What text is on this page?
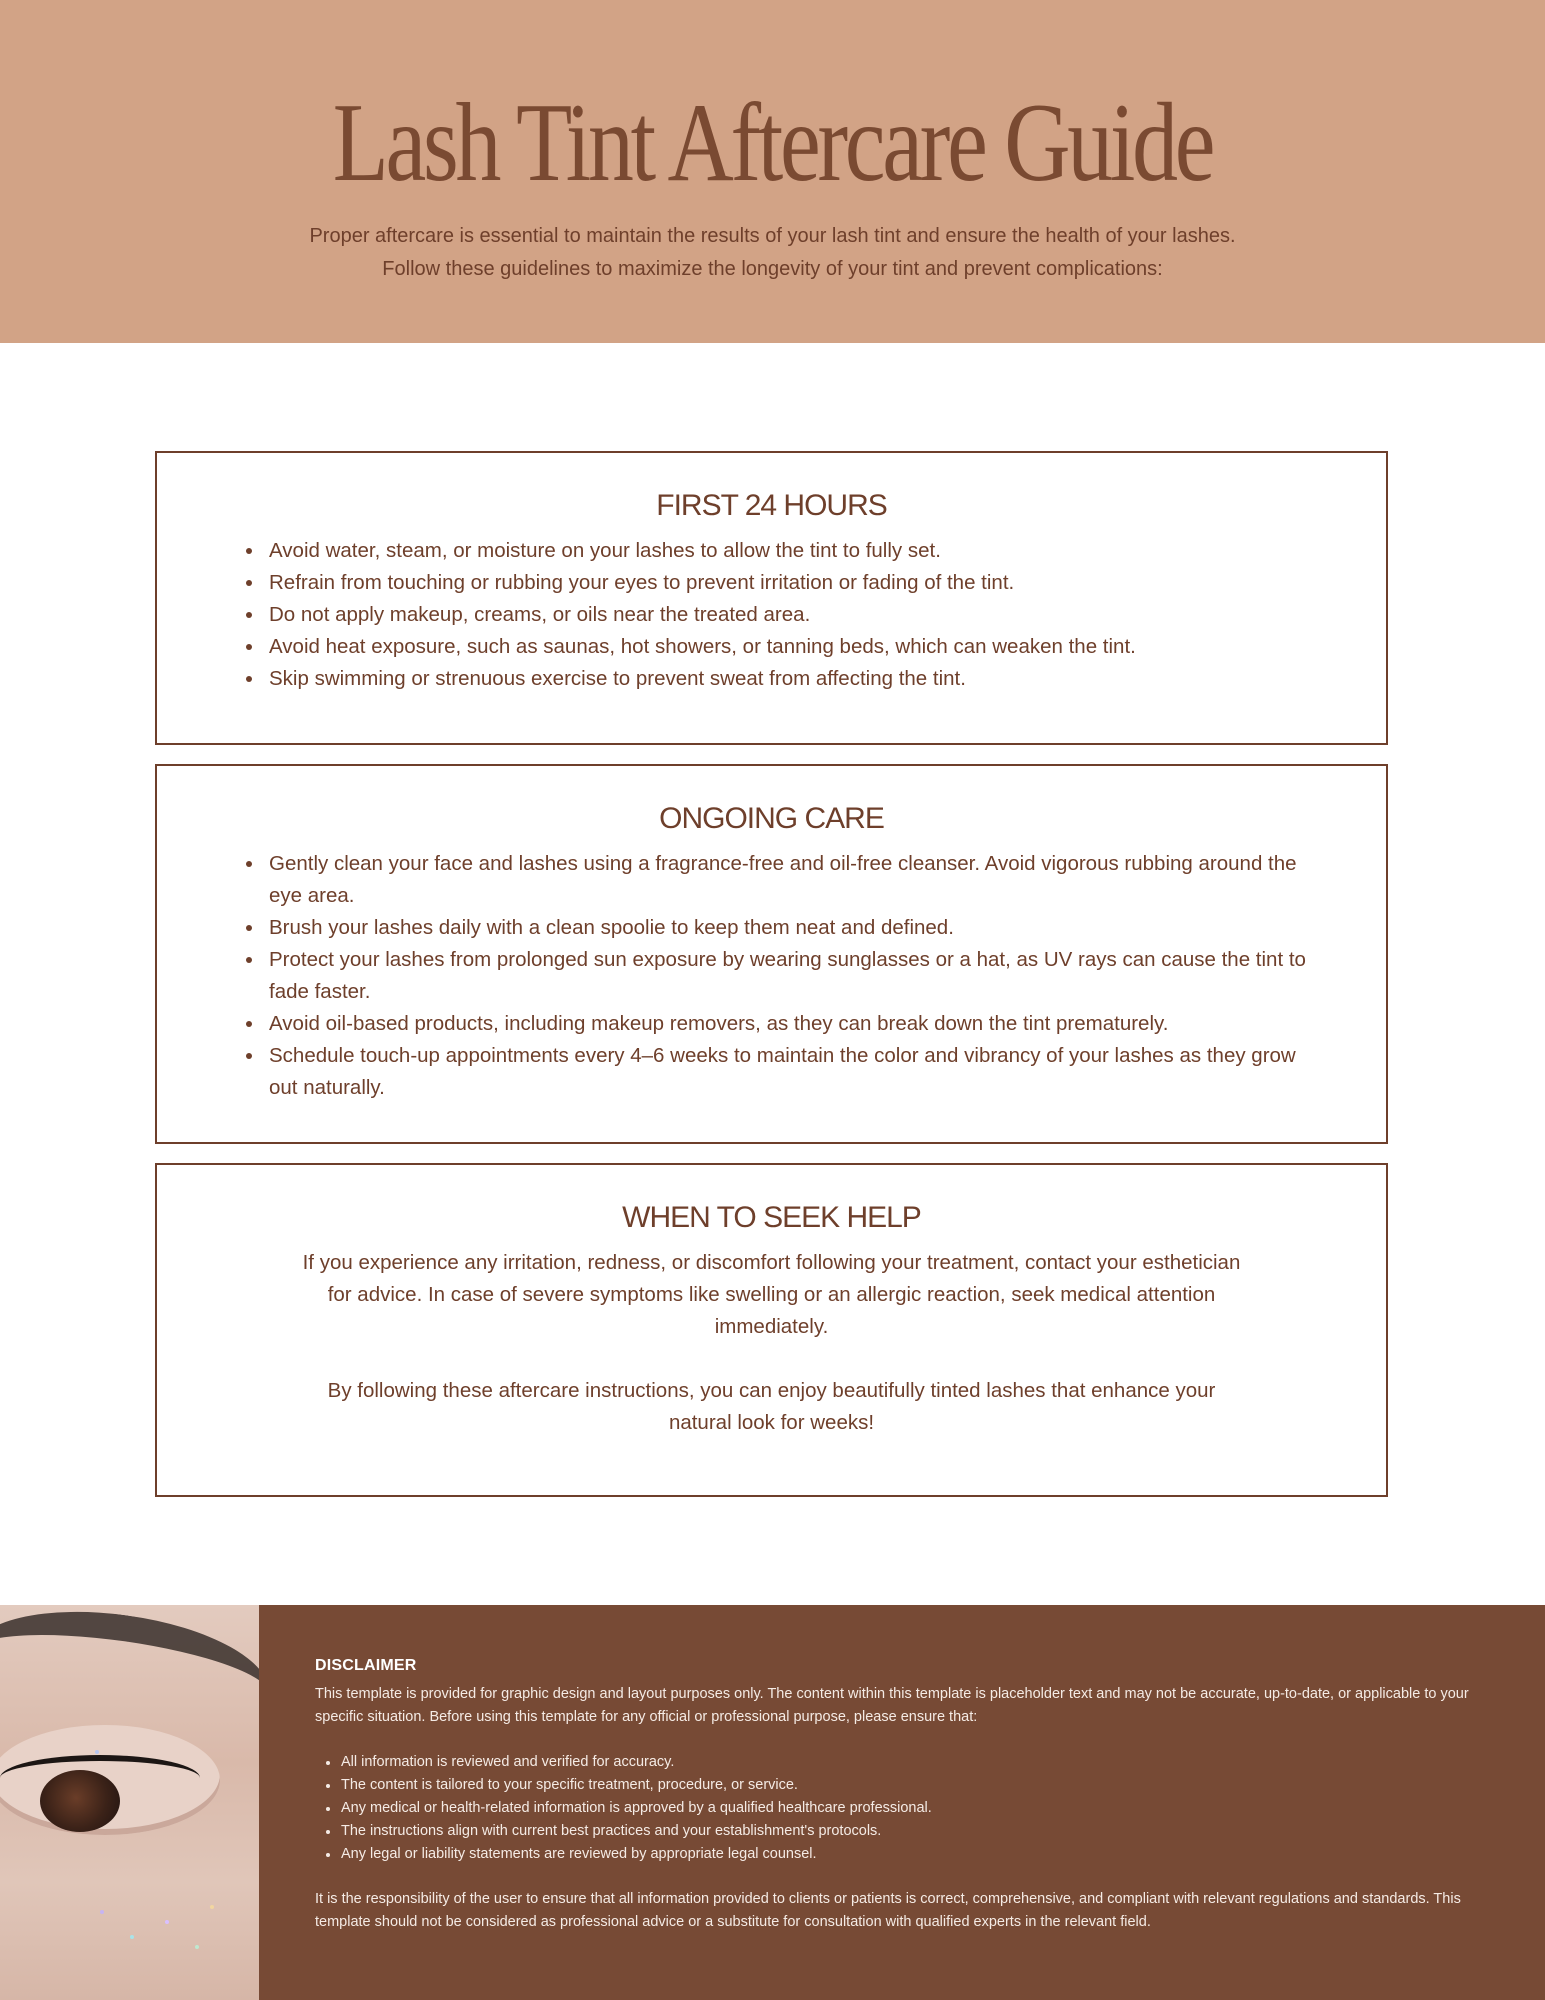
Lash Tint Aftercare Guide
Proper aftercare is essential to maintain the results of your lash tint and ensure the health of your lashes.
Follow these guidelines to maximize the longevity of your tint and prevent complications:
FIRST 24 HOURS
Avoid water, steam, or moisture on your lashes to allow the tint to fully set.
Refrain from touching or rubbing your eyes to prevent irritation or fading of the tint.
Do not apply makeup, creams, or oils near the treated area.
Avoid heat exposure, such as saunas, hot showers, or tanning beds, which can weaken the tint.
Skip swimming or strenuous exercise to prevent sweat from affecting the tint.
ONGOING CARE
Gently clean your face and lashes using a fragrance-free and oil-free cleanser. Avoid vigorous rubbing around the eye area.
Brush your lashes daily with a clean spoolie to keep them neat and defined.
Protect your lashes from prolonged sun exposure by wearing sunglasses or a hat, as UV rays can cause the tint to fade faster.
Avoid oil-based products, including makeup removers, as they can break down the tint prematurely.
Schedule touch-up appointments every 4–6 weeks to maintain the color and vibrancy of your lashes as they grow out naturally.
WHEN TO SEEK HELP

If you experience any irritation, redness, or discomfort following your treatment, contact your esthetician for advice. In case of severe symptoms like swelling or an allergic reaction, seek medical attention immediately.

By following these aftercare instructions, you can enjoy beautifully tinted lashes that enhance your natural look for weeks!

DISCLAIMER

This template is provided for graphic design and layout purposes only. The content within this template is placeholder text and may not be accurate, up-to-date, or applicable to your specific situation. Before using this template for any official or professional purpose, please ensure that:

All information is reviewed and verified for accuracy.
The content is tailored to your specific treatment, procedure, or service.
Any medical or health-related information is approved by a qualified healthcare professional.
The instructions align with current best practices and your establishment's protocols.
Any legal or liability statements are reviewed by appropriate legal counsel.

It is the responsibility of the user to ensure that all information provided to clients or patients is correct, comprehensive, and compliant with relevant regulations and standards. This template should not be considered as professional advice or a substitute for consultation with qualified experts in the relevant field.
